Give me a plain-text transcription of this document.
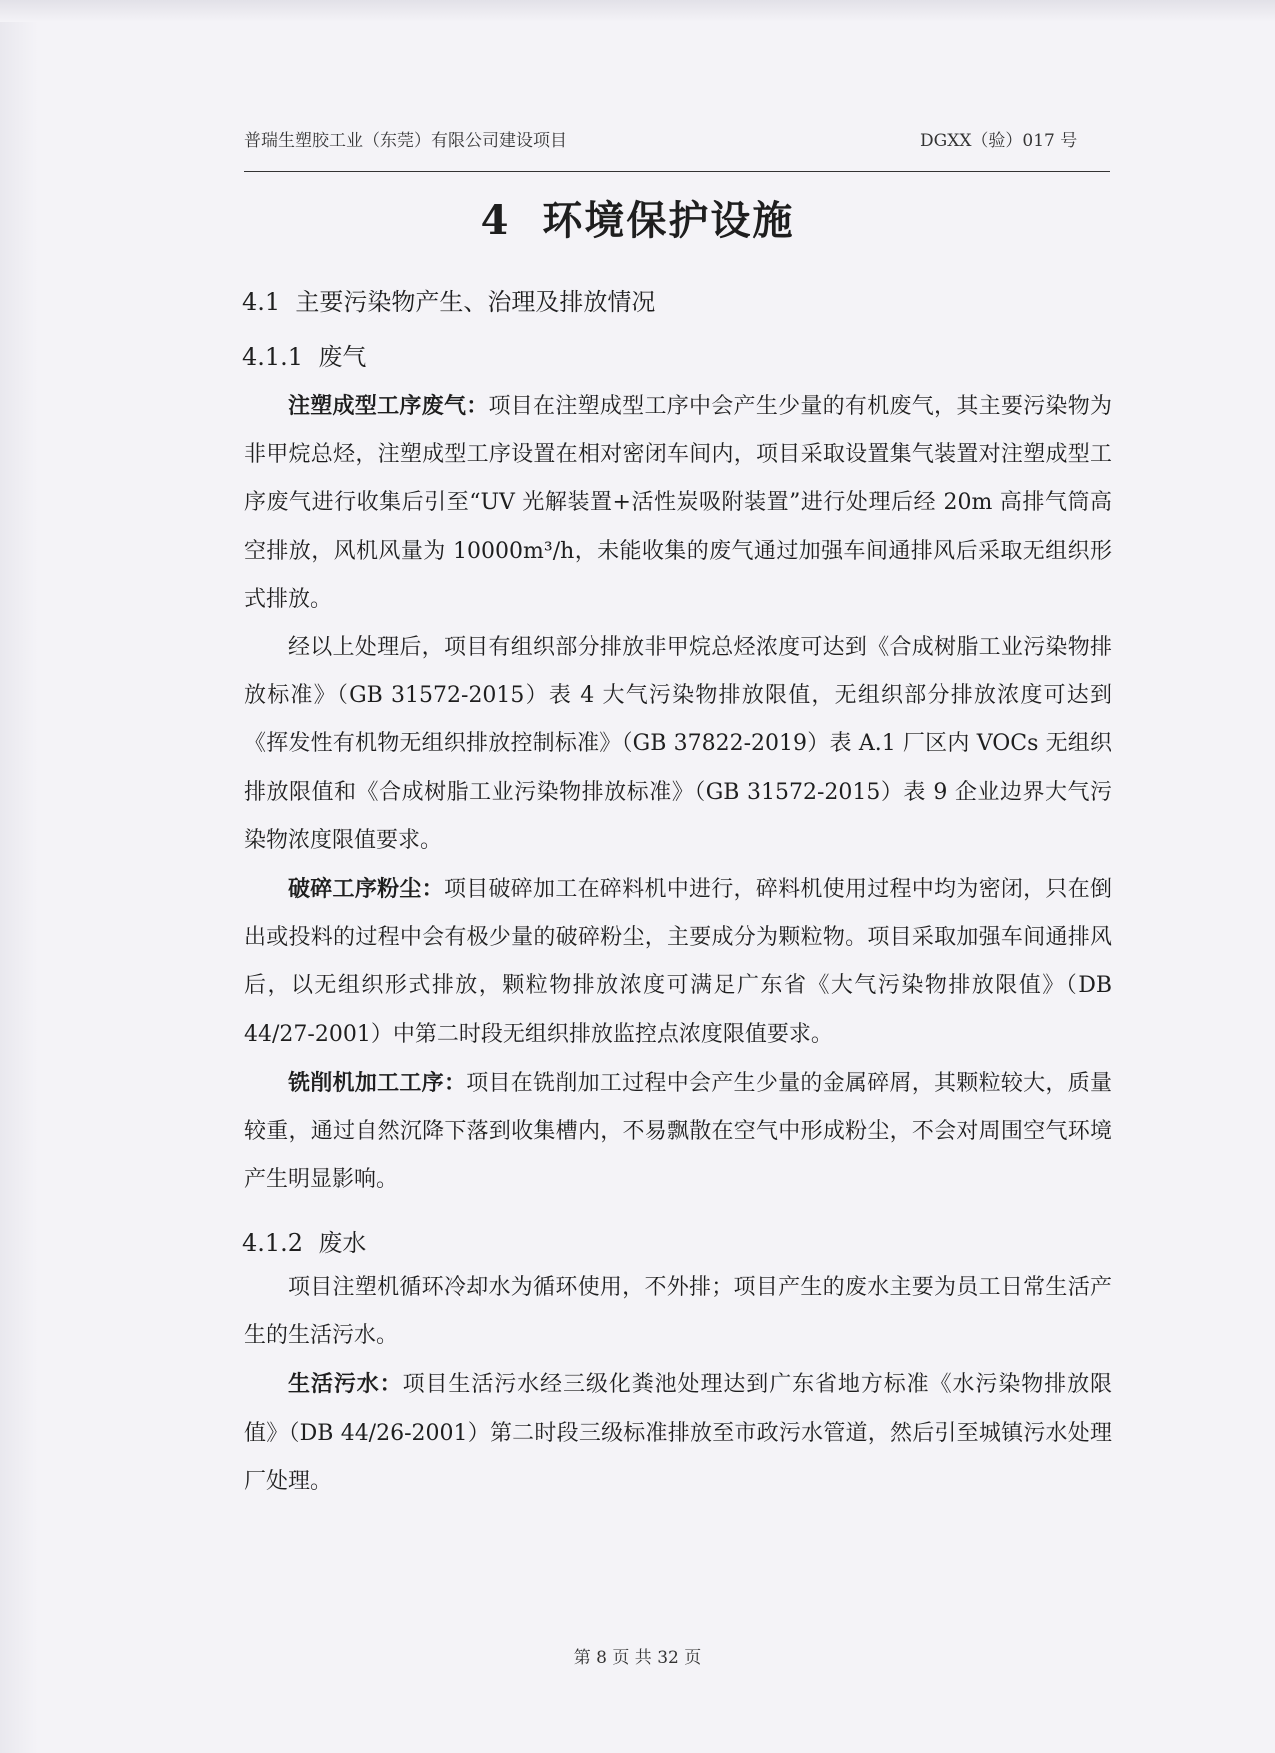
普瑞生塑胶工业（东莞）有限公司建设项目	DGXX（验）017 号
4  环境保护设施
4.1  主要污染物产生、治理及排放情况
4.1.1  废气

注塑成型工序废气：项目在注塑成型工序中会产生少量的有机废气，其主要污染物为非甲烷总烃，注塑成型工序设置在相对密闭车间内，项目采取设置集气装置对注塑成型工序废气进行收集后引至“UV 光解装置+活性炭吸附装置”进行处理后经 20m 高排气筒高空排放，风机风量为 10000m³/h，未能收集的废气通过加强车间通排风后采取无组织形式排放。

经以上处理后，项目有组织部分排放非甲烷总烃浓度可达到《合成树脂工业污染物排放标准》（GB 31572-2015）表 4 大气污染物排放限值，无组织部分排放浓度可达到《挥发性有机物无组织排放控制标准》（GB 37822-2019）表 A.1 厂区内 VOCs 无组织排放限值和《合成树脂工业污染物排放标准》（GB 31572-2015）表 9 企业边界大气污染物浓度限值要求。

破碎工序粉尘：项目破碎加工在碎料机中进行，碎料机使用过程中均为密闭，只在倒出或投料的过程中会有极少量的破碎粉尘，主要成分为颗粒物。项目采取加强车间通排风后，以无组织形式排放，颗粒物排放浓度可满足广东省《大气污染物排放限值》（DB 44/27-2001）中第二时段无组织排放监控点浓度限值要求。

铣削机加工工序：项目在铣削加工过程中会产生少量的金属碎屑，其颗粒较大，质量较重，通过自然沉降下落到收集槽内，不易飘散在空气中形成粉尘，不会对周围空气环境产生明显影响。

4.1.2  废水

项目注塑机循环冷却水为循环使用，不外排；项目产生的废水主要为员工日常生活产生的生活污水。

生活污水：项目生活污水经三级化粪池处理达到广东省地方标准《水污染物排放限值》（DB 44/26-2001）第二时段三级标准排放至市政污水管道，然后引至城镇污水处理厂处理。

第 8 页 共 32 页
